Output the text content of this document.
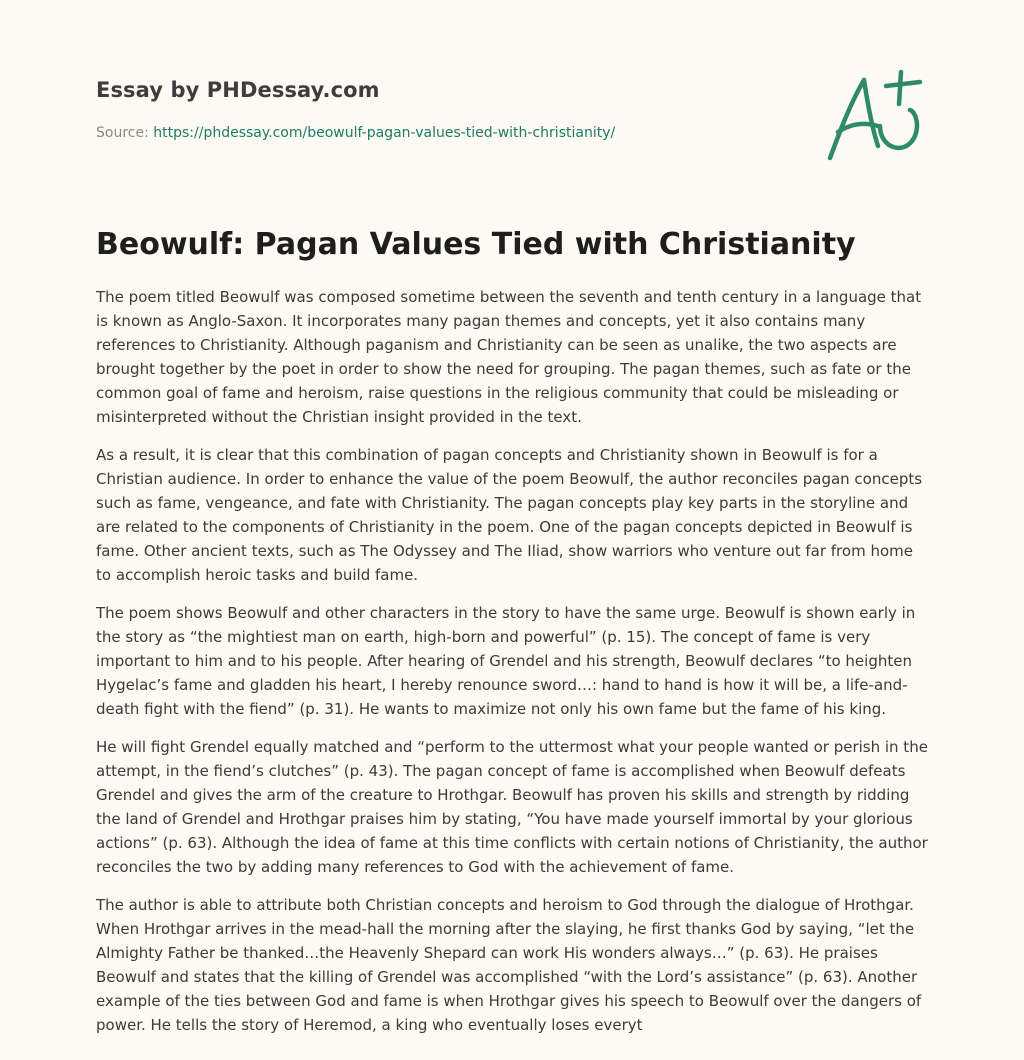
Essay by PHDessay.com
Source: https://phdessay.com/beowulf-pagan-values-tied-with-christianity/
Beowulf: Pagan Values Tied with Christianity

The poem titled Beowulf was composed sometime between the seventh and tenth century in a language that is known as Anglo-Saxon. It incorporates many pagan themes and concepts, yet it also contains many references to Christianity. Although paganism and Christianity can be seen as unalike, the two aspects are brought together by the poet in order to show the need for grouping. The pagan themes, such as fate or the common goal of fame and heroism, raise questions in the religious community that could be misleading or misinterpreted without the Christian insight provided in the text.

As a result, it is clear that this combination of pagan concepts and Christianity shown in Beowulf is for a Christian audience. In order to enhance the value of the poem Beowulf, the author reconciles pagan concepts such as fame, vengeance, and fate with Christianity. The pagan concepts play key parts in the storyline and are related to the components of Christianity in the poem. One of the pagan concepts depicted in Beowulf is fame. Other ancient texts, such as The Odyssey and The Iliad, show warriors who venture out far from home to accomplish heroic tasks and build fame.

The poem shows Beowulf and other characters in the story to have the same urge. Beowulf is shown early in the story as “the mightiest man on earth, high-born and powerful” (p. 15). The concept of fame is very important to him and to his people. After hearing of Grendel and his strength, Beowulf declares “to heighten Hygelac’s fame and gladden his heart, I hereby renounce sword…: hand to hand is how it will be, a life-and-death fight with the fiend” (p. 31). He wants to maximize not only his own fame but the fame of his king.

He will fight Grendel equally matched and “perform to the uttermost what your people wanted or perish in the attempt, in the fiend’s clutches” (p. 43). The pagan concept of fame is accomplished when Beowulf defeats Grendel and gives the arm of the creature to Hrothgar. Beowulf has proven his skills and strength by ridding the land of Grendel and Hrothgar praises him by stating, “You have made yourself immortal by your glorious actions” (p. 63). Although the idea of fame at this time conflicts with certain notions of Christianity, the author reconciles the two by adding many references to God with the achievement of fame.

The author is able to attribute both Christian concepts and heroism to God through the dialogue of Hrothgar. When Hrothgar arrives in the mead-hall the morning after the slaying, he first thanks God by saying, “let the Almighty Father be thanked…the Heavenly Shepard can work His wonders always…” (p. 63). He praises Beowulf and states that the killing of Grendel was accomplished “with the Lord’s assistance” (p. 63). Another example of the ties between God and fame is when Hrothgar gives his speech to Beowulf over the dangers of power. He tells the story of Heremod, a king who eventually loses everyt
